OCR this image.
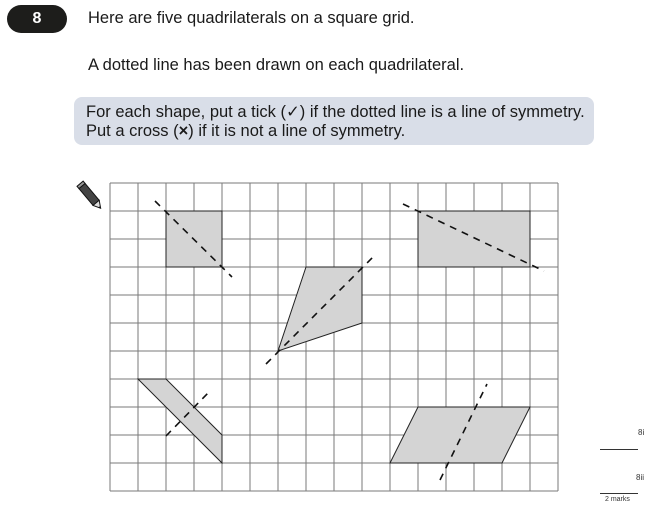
8	Here are five quadrilaterals on a square grid.
A dotted line has been drawn on each quadrilateral.
For each shape, put a tick (✓) if the dotted line is a line of symmetry.
Put a cross (×) if it is not a line of symmetry.
8i
8ii
2 marks
